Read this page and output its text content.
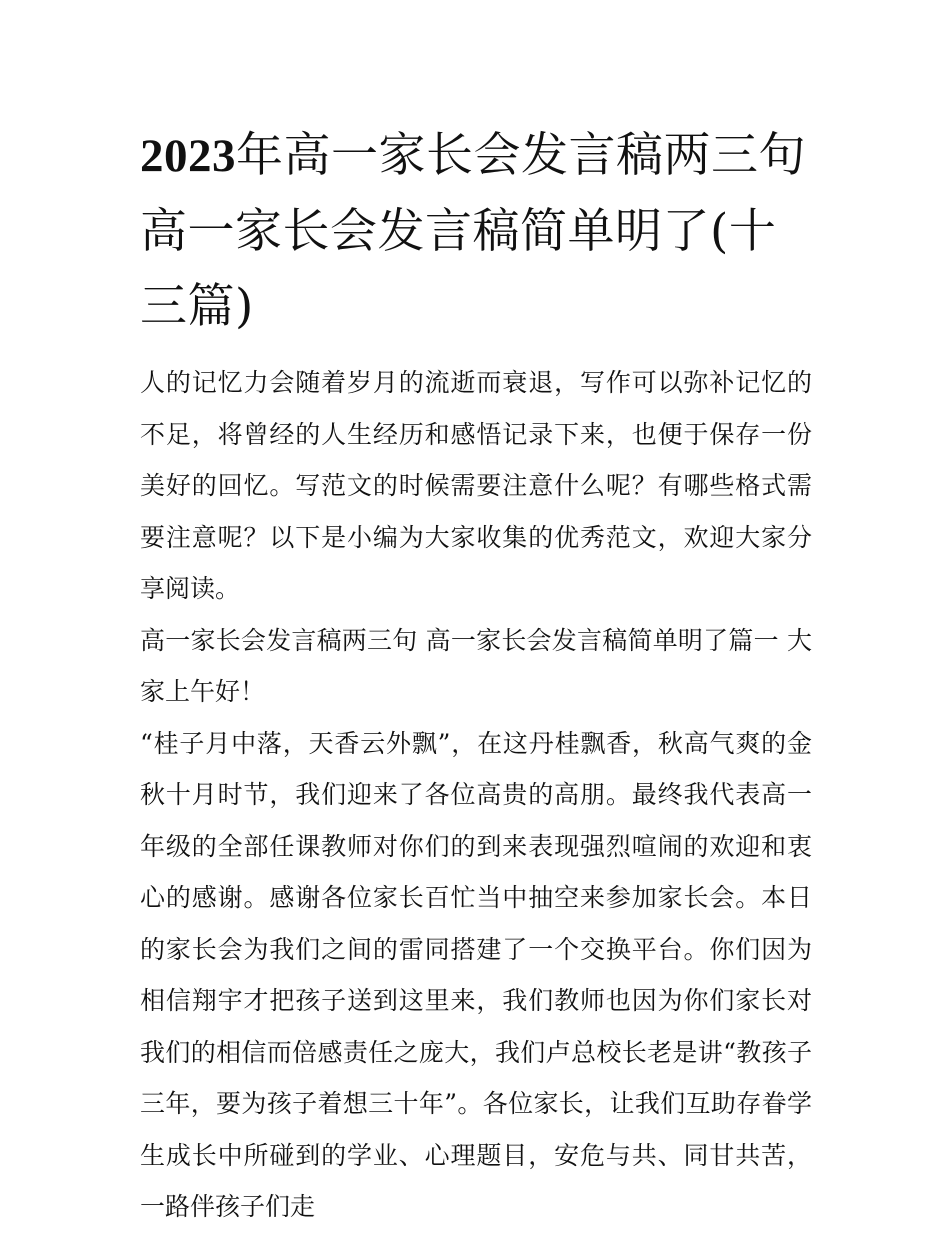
2023年高一家长会发言稿两三句 高一家长会发言稿简单明了(十三篇)

人的记忆力会随着岁月的流逝而衰退，写作可以弥补记忆的不足，将曾经的人生经历和感悟记录下来，也便于保存一份美好的回忆。写范文的时候需要注意什么呢？有哪些格式需要注意呢？以下是小编为大家收集的优秀范文，欢迎大家分享阅读。

高一家长会发言稿两三句 高一家长会发言稿简单明了篇一 大家上午好！

“桂子月中落，天香云外飘”，在这丹桂飘香，秋高气爽的金秋十月时节，我们迎来了各位高贵的高朋。最终我代表高一年级的全部任课教师对你们的到来表现强烈喧闹的欢迎和衷心的感谢。感谢各位家长百忙当中抽空来参加家长会。本日的家长会为我们之间的雷同搭建了一个交换平台。你们因为相信翔宇才把孩子送到这里来，我们教师也因为你们家长对我们的相信而倍感责任之庞大，我们卢总校长老是讲“教孩子三年，要为孩子着想三十年”。各位家长，让我们互助存眷学生成长中所碰到的学业、心理题目，安危与共、同甘共苦，一路伴孩子们走
